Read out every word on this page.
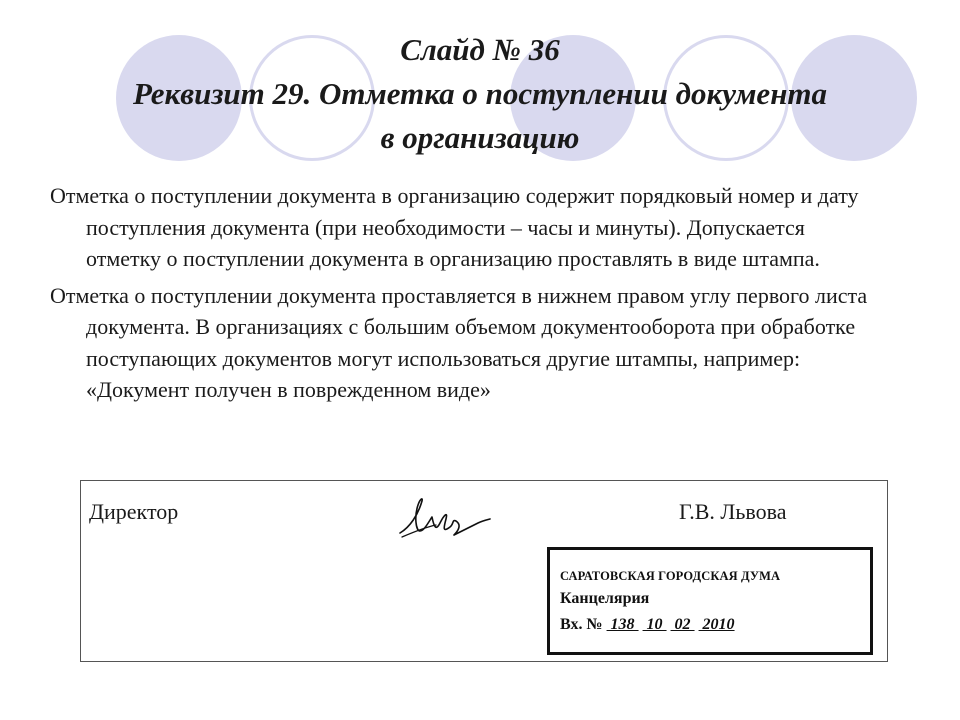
Слайд № 36
Реквизит 29. Отметка о поступлении документа
в организацию

Отметка о поступлении документа в организацию содержит порядковый номер и дату поступления документа (при необходимости – часы и минуты). Допускается отметку о поступлении документа в организацию проставлять в виде штампа.

Отметка о поступлении документа проставляется в нижнем правом углу первого листа документа. В организациях с большим объемом документооборота при обработке поступающих документов могут использоваться другие штампы, например: «Документ получен в поврежденном виде»

Директор	Г.В. Львова
САРАТОВСКАЯ ГОРОДСКАЯ ДУМА
Канцелярия
Вх. №  138   10   02   2010
